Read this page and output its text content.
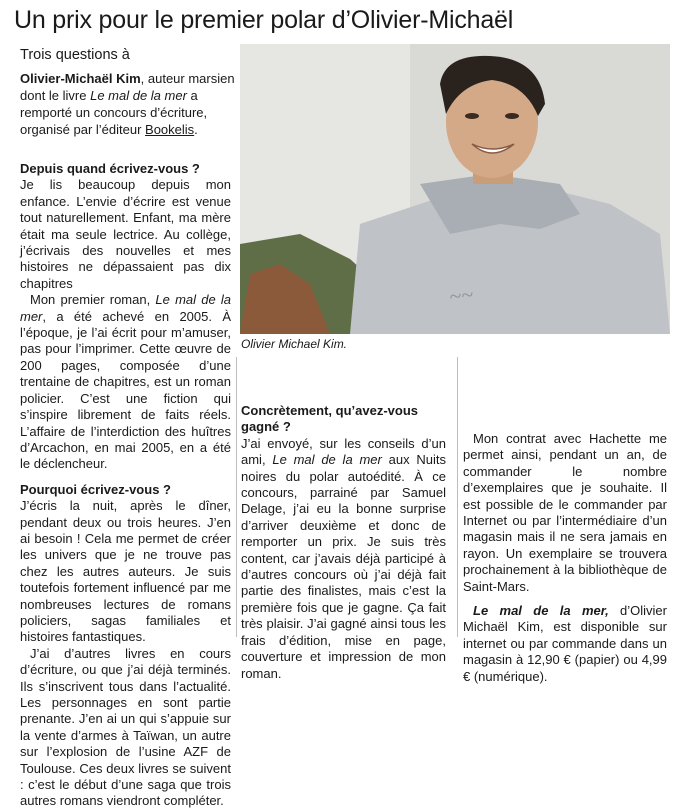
Un prix pour le premier polar d’Olivier-Michaël
Trois questions à
Olivier-Michaël Kim, auteur marsien dont le livre Le mal de la mer a remporté un concours d’écriture, organisé par l’éditeur Bookelis.
~~
Olivier Michael Kim.

Depuis quand écrivez-vous ?

Je lis beaucoup depuis mon enfance. L’envie d’écrire est venue tout naturellement. Enfant, ma mère était ma seule lectrice. Au collège, j’écrivais des nouvelles et mes histoires ne dépassaient pas dix chapitres

Mon premier roman, Le mal de la mer, a été achevé en 2005. À l’époque, je l’ai écrit pour m’amuser, pas pour l’imprimer. Cette œuvre de 200 pages, composée d’une trentaine de chapitres, est un roman policier. C’est une fiction qui s’inspire librement de faits réels. L’affaire de l’interdiction des huîtres d’Arcachon, en mai 2005, en a été le déclencheur.

Pourquoi écrivez-vous ?

J’écris la nuit, après le dîner, pendant deux ou trois heures. J’en ai besoin ! Cela me permet de créer les univers que je ne trouve pas chez les autres auteurs. Je suis toutefois fortement influencé par me nombreuses lectures de romans policiers, sagas familiales et histoires fantastiques.

J’ai d’autres livres en cours d’écriture, ou que j’ai déjà terminés. Ils s’inscrivent tous dans l’actualité. Les personnages en sont partie prenante. J’en ai un qui s’appuie sur la vente d’armes à Taïwan, un autre sur l’explosion de l’usine AZF de Toulouse. Ces deux livres se suivent : c’est le début d’une saga que trois autres romans viendront compléter.

Concrètement, qu’avez-vous gagné ?

J’ai envoyé, sur les conseils d’un ami, Le mal de la mer aux Nuits noires du polar autoédité. À ce concours, parrainé par Samuel Delage, j’ai eu la bonne surprise d’arriver deuxième et donc de remporter un prix. Je suis très content, car j’avais déjà participé à d’autres concours où j’ai déjà fait partie des finalistes, mais c’est la première fois que je gagne. Ça fait très plaisir. J’ai gagné ainsi tous les frais d’édition, mise en page, couverture et impression de mon roman.

Mon contrat avec Hachette me permet ainsi, pendant un an, de commander le nombre d’exemplaires que je souhaite. Il est possible de le commander par Internet ou par l’intermédiaire d’un magasin mais il ne sera jamais en rayon. Un exemplaire se trouvera prochainement à la bibliothèque de Saint-Mars.

Le mal de la mer, d’Olivier Michaël Kim, est disponible sur internet ou par commande dans un magasin à 12,90 € (papier) ou 4,99 € (numérique).
